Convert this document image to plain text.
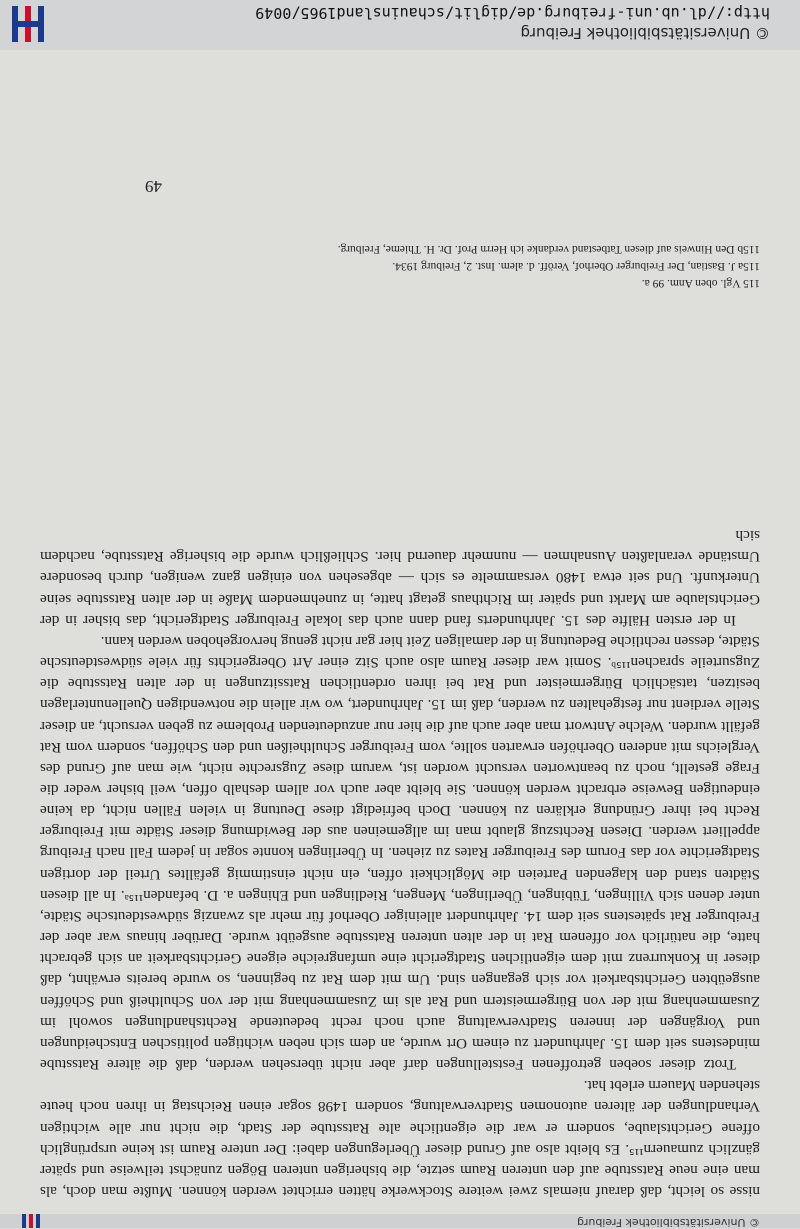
© Universitätsbibliothek Freiburg

nisse so leicht, daß darauf niemals zwei weitere Stockwerke hätten errichtet werden können. Mußte man doch, als man eine neue Ratsstube auf den unteren Raum setzte, die bisherigen unteren Bögen zunächst teilweise und später gänzlich zumauern¹¹⁵. Es bleibt also auf Grund dieser Überlegungen dabei: Der untere Raum ist keine ursprünglich offene Gerichtslaube, sondern er war die eigentliche alte Ratsstube der Stadt, die nicht nur alle wichtigen Verhandlungen der älteren autonomen Stadtverwaltung, sondern 1498 sogar einen Reichstag in ihren noch heute stehenden Mauern erlebt hat.

Trotz dieser soeben getroffenen Feststellungen darf aber nicht übersehen werden, daß die ältere Ratsstube mindestens seit dem 15. Jahrhundert zu einem Ort wurde, an dem sich neben wichtigen politischen Entscheidungen und Vorgängen der inneren Stadtverwaltung auch noch recht bedeutende Rechtshandlungen sowohl im Zusammenhang mit der von Bürgermeistern und Rat als im Zusammenhang mit der von Schultheiß und Schöffen ausgeübten Gerichtsbarkeit vor sich gegangen sind. Um mit dem Rat zu beginnen, so wurde bereits erwähnt, daß dieser in Konkurrenz mit dem eigentlichen Stadtgericht eine umfangreiche eigene Gerichtsbarkeit an sich gebracht hatte, die natürlich vor offenem Rat in der alten unteren Ratsstube ausgeübt wurde. Darüber hinaus war aber der Freiburger Rat spätestens seit dem 14. Jahrhundert alleiniger Oberhof für mehr als zwanzig südwestdeutsche Städte, unter denen sich Villingen, Tübingen, Überlingen, Mengen, Riedlingen und Ehingen a. D. befanden¹¹⁵ᵃ. In all diesen Städten stand den klagenden Parteien die Möglichkeit offen, ein nicht einstimmig gefälltes Urteil der dortigen Stadtgerichte vor das Forum des Freiburger Rates zu ziehen. In Überlingen konnte sogar in jedem Fall nach Freiburg appelliert werden. Diesen Rechtszug glaubt man im allgemeinen aus der Bewidmung dieser Städte mit Freiburger Recht bei ihrer Gründung erklären zu können. Doch befriedigt diese Deutung in vielen Fällen nicht, da keine eindeutigen Beweise erbracht werden können. Sie bleibt aber auch vor allem deshalb offen, weil bisher weder die Frage gestellt, noch zu beantworten versucht worden ist, warum diese Zugsrechte nicht, wie man auf Grund des Vergleichs mit anderen Oberhöfen erwarten sollte, vom Freiburger Schultheißen und den Schöffen, sondern vom Rat gefällt wurden. Welche Antwort man aber auch auf die hier nur anzudeutenden Probleme zu geben versucht, an dieser Stelle verdient nur festgehalten zu werden, daß im 15. Jahrhundert, wo wir allein die notwendigen Quellenunterlagen besitzen, tatsächlich Bürgermeister und Rat bei ihren ordentlichen Ratssitzungen in der alten Ratsstube die Zugsurteile sprachen¹¹⁵ᵇ. Somit war dieser Raum also auch Sitz einer Art Obergerichts für viele südwestdeutsche Städte, dessen rechtliche Bedeutung in der damaligen Zeit hier gar nicht genug hervorgehoben werden kann.

In der ersten Hälfte des 15. Jahrhunderts fand dann auch das lokale Freiburger Stadtgericht, das bisher in der Gerichtslaube am Markt und später im Richthaus getagt hatte, in zunehmendem Maße in der alten Ratsstube seine Unterkunft. Und seit etwa 1480 versammelte es sich — abgesehen von einigen ganz wenigen, durch besondere Umstände veranlaßten Ausnahmen — nunmehr dauernd hier. Schließlich wurde die bisherige Ratsstube, nachdem sich

115 Vgl. oben Anm. 99 a.
115a J. Bastian, Der Freiburger Oberhof, Veröff. d. alem. Inst. 2, Freiburg 1934.
115b Den Hinweis auf diesen Tatbestand verdanke ich Herrn Prof. Dr. H. Thieme, Freiburg.
49
© Universitätsbibliothek Freiburg
http://dl.ub.uni-freiburg.de/diglit/schauinsland1965/0049
